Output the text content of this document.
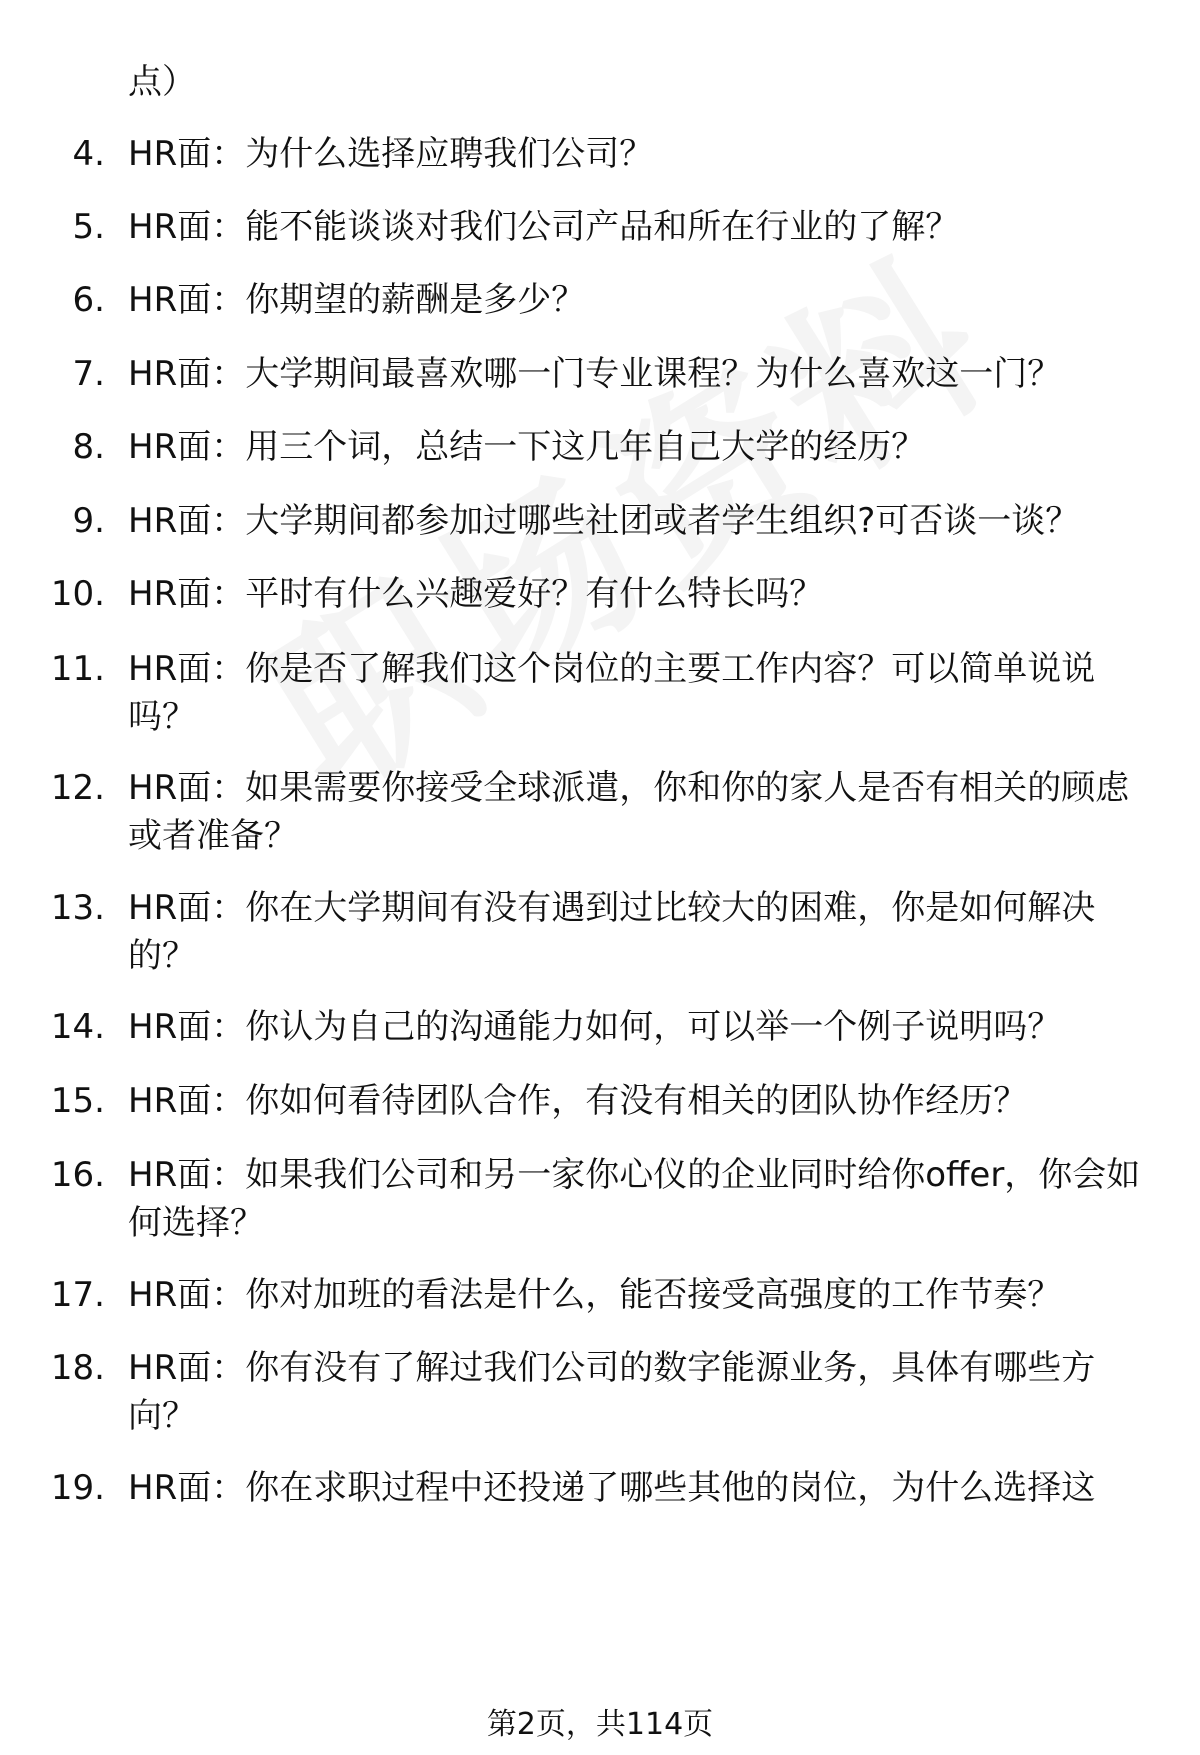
点）
4. HR面：为什么选择应聘我们公司？
5. HR面：能不能谈谈对我们公司产品和所在行业的了解？
6. HR面：你期望的薪酬是多少？
7. HR面：大学期间最喜欢哪一门专业课程？为什么喜欢这一门？
8. HR面：用三个词，总结一下这几年自己大学的经历？
9. HR面：大学期间都参加过哪些社团或者学生组织?可否谈一谈？
10. HR面：平时有什么兴趣爱好？有什么特长吗？
11. HR面：你是否了解我们这个岗位的主要工作内容？可以简单说说吗？
12. HR面：如果需要你接受全球派遣，你和你的家人是否有相关的顾虑或者准备？
13. HR面：你在大学期间有没有遇到过比较大的困难，你是如何解决的？
14. HR面：你认为自己的沟通能力如何，可以举一个例子说明吗？
15. HR面：你如何看待团队合作，有没有相关的团队协作经历？
16. HR面：如果我们公司和另一家你心仪的企业同时给你offer，你会如何选择？
17. HR面：你对加班的看法是什么，能否接受高强度的工作节奏？
18. HR面：你有没有了解过我们公司的数字能源业务，具体有哪些方向？
19. HR面：你在求职过程中还投递了哪些其他的岗位，为什么选择这
第2页，共114页
